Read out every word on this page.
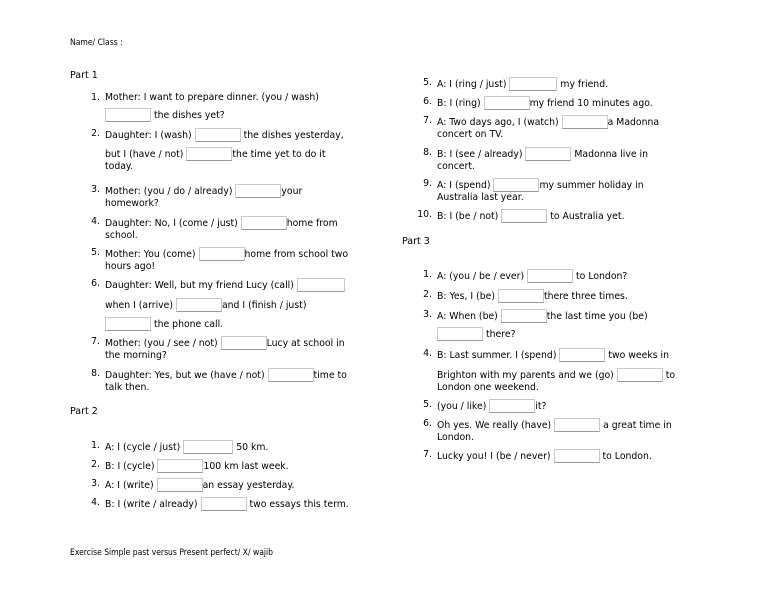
Name/ Class :
Part 1
1. Mother: I want to prepare dinner. (you / wash)
the dishes yet?
2. Daughter: I (wash)	the dishes yesterday,
but I (have / not)	the time yet to do it
today.
3. Mother: (you / do / already)	your
homework?
4. Daughter: No, I (come / just)	home from
school.
5. Mother: You (come)	home from school two
hours ago!
6. Daughter: Well, but my friend Lucy (call)
when I (arrive)	and I (finish / just)
the phone call.
7. Mother: (you / see / not)	Lucy at school in
the morning?
8. Daughter: Yes, but we (have / not)	time to
talk then.
Part 2
1. A: I (cycle / just)	50 km.
2. B: I (cycle)	100 km last week.
3. A: I (write)	an essay yesterday.
4. B: I (write / already)	two essays this term.
5. A: I (ring / just)	my friend.
6. B: I (ring)	my friend 10 minutes ago.
7. A: Two days ago, I (watch)	a Madonna
concert on TV.
8. B: I (see / already)	Madonna live in
concert.
9. A: I (spend)	my summer holiday in
Australia last year.
10. B: I (be / not)	to Australia yet.
Part 3
1. A: (you / be / ever)	to London?
2. B: Yes, I (be)	there three times.
3. A: When (be)	the last time you (be)
there?
4. B: Last summer. I (spend)	two weeks in
Brighton with my parents and we (go)	to
London one weekend.
5. (you / like)	it?
6. Oh yes. We really (have)	a great time in
London.
7. Lucky you! I (be / never)	to London.
Exercise Simple past versus Present perfect/ X/ wajib
